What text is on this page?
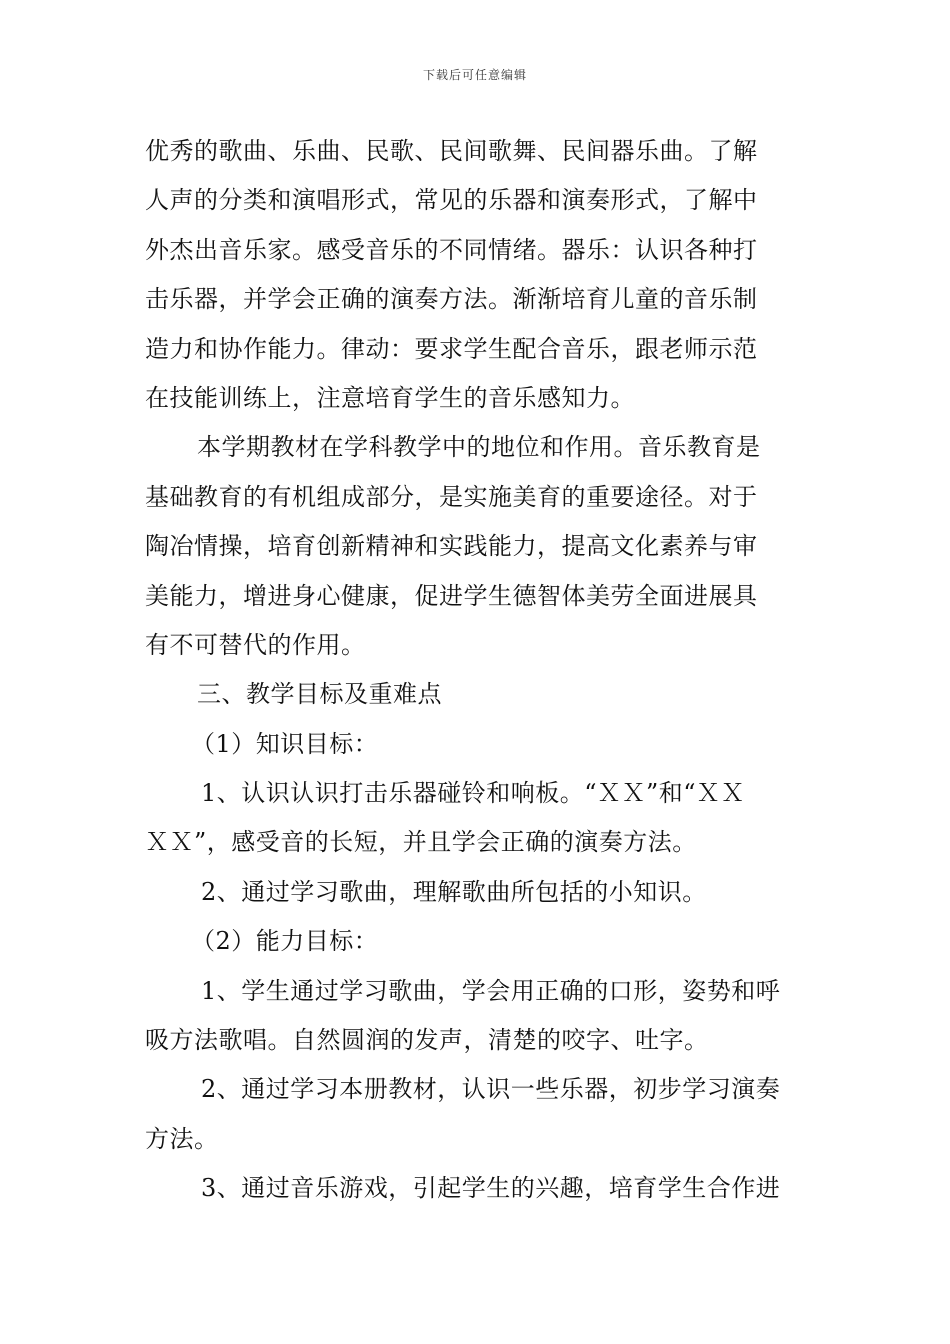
下载后可任意编辑
优秀的歌曲、乐曲、民歌、民间歌舞、民间器乐曲。了解
人声的分类和演唱形式，常见的乐器和演奏形式，了解中
外杰出音乐家。感受音乐的不同情绪。器乐：认识各种打
击乐器，并学会正确的演奏方法。渐渐培育儿童的音乐制
造力和协作能力。律动：要求学生配合音乐，跟老师示范
在技能训练上，注意培育学生的音乐感知力。
本学期教材在学科教学中的地位和作用。音乐教育是
基础教育的有机组成部分，是实施美育的重要途径。对于
陶冶情操，培育创新精神和实践能力，提高文化素养与审
美能力，增进身心健康，促进学生德智体美劳全面进展具
有不可替代的作用。
三、教学目标及重难点
（1）知识目标：
1、认识认识打击乐器碰铃和响板。“ＸＸ”和“ＸＸ
ＸＸ”，感受音的长短，并且学会正确的演奏方法。
2、通过学习歌曲，理解歌曲所包括的小知识。
（2）能力目标：
1、学生通过学习歌曲，学会用正确的口形，姿势和呼
吸方法歌唱。自然圆润的发声，清楚的咬字、吐字。
2、通过学习本册教材，认识一些乐器，初步学习演奏
方法。
3、通过音乐游戏，引起学生的兴趣，培育学生合作进
